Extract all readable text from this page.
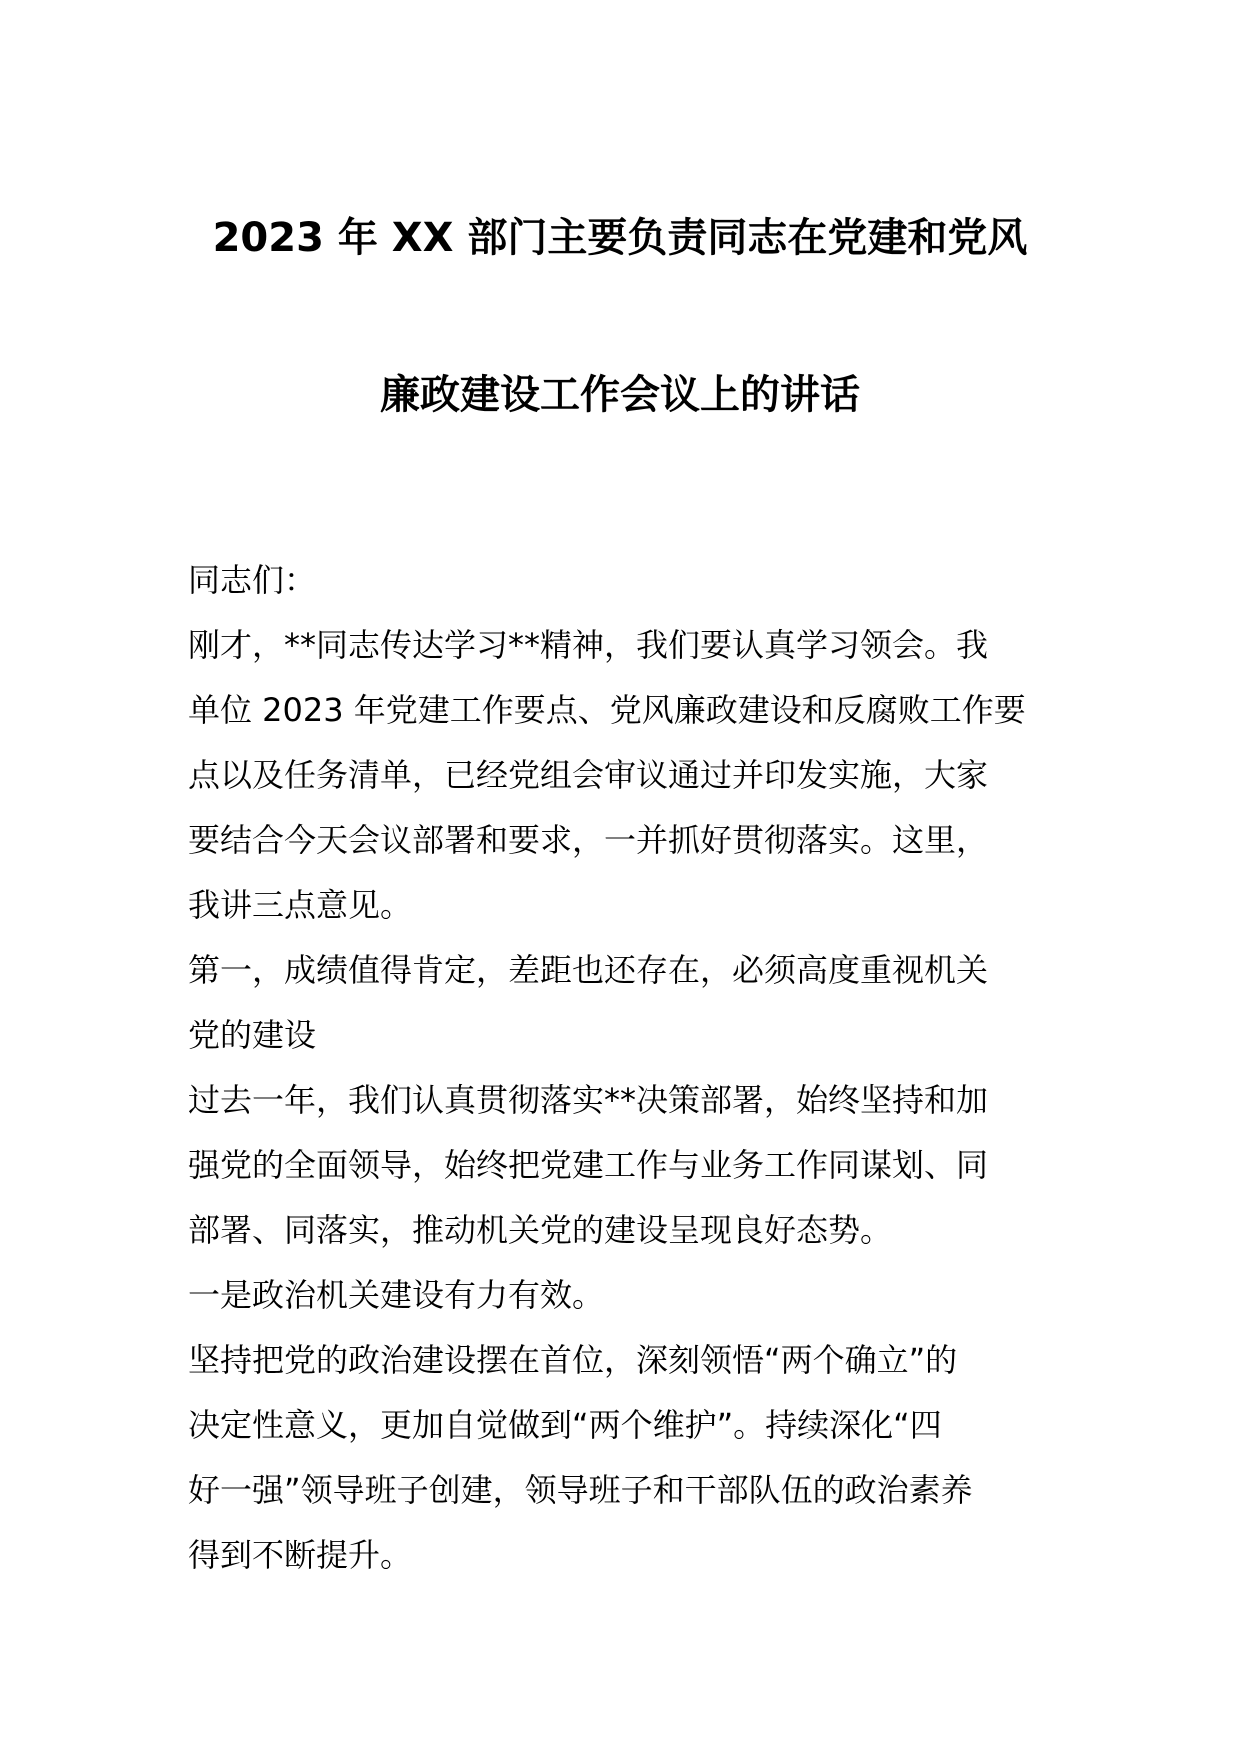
2023 年 XX 部门主要负责同志在党建和党风
廉政建设工作会议上的讲话

同志们：

刚才，**同志传达学习**精神，我们要认真学习领会。我

单位 2023 年党建工作要点、党风廉政建设和反腐败工作要

点以及任务清单，已经党组会审议通过并印发实施，大家

要结合今天会议部署和要求，一并抓好贯彻落实。这里，

我讲三点意见。

第一，成绩值得肯定，差距也还存在，必须高度重视机关

党的建设

过去一年，我们认真贯彻落实**决策部署，始终坚持和加

强党的全面领导，始终把党建工作与业务工作同谋划、同

部署、同落实，推动机关党的建设呈现良好态势。

一是政治机关建设有力有效。

坚持把党的政治建设摆在首位，深刻领悟“两个确立”的

决定性意义，更加自觉做到“两个维护”。持续深化“四

好一强”领导班子创建，领导班子和干部队伍的政治素养

得到不断提升。
